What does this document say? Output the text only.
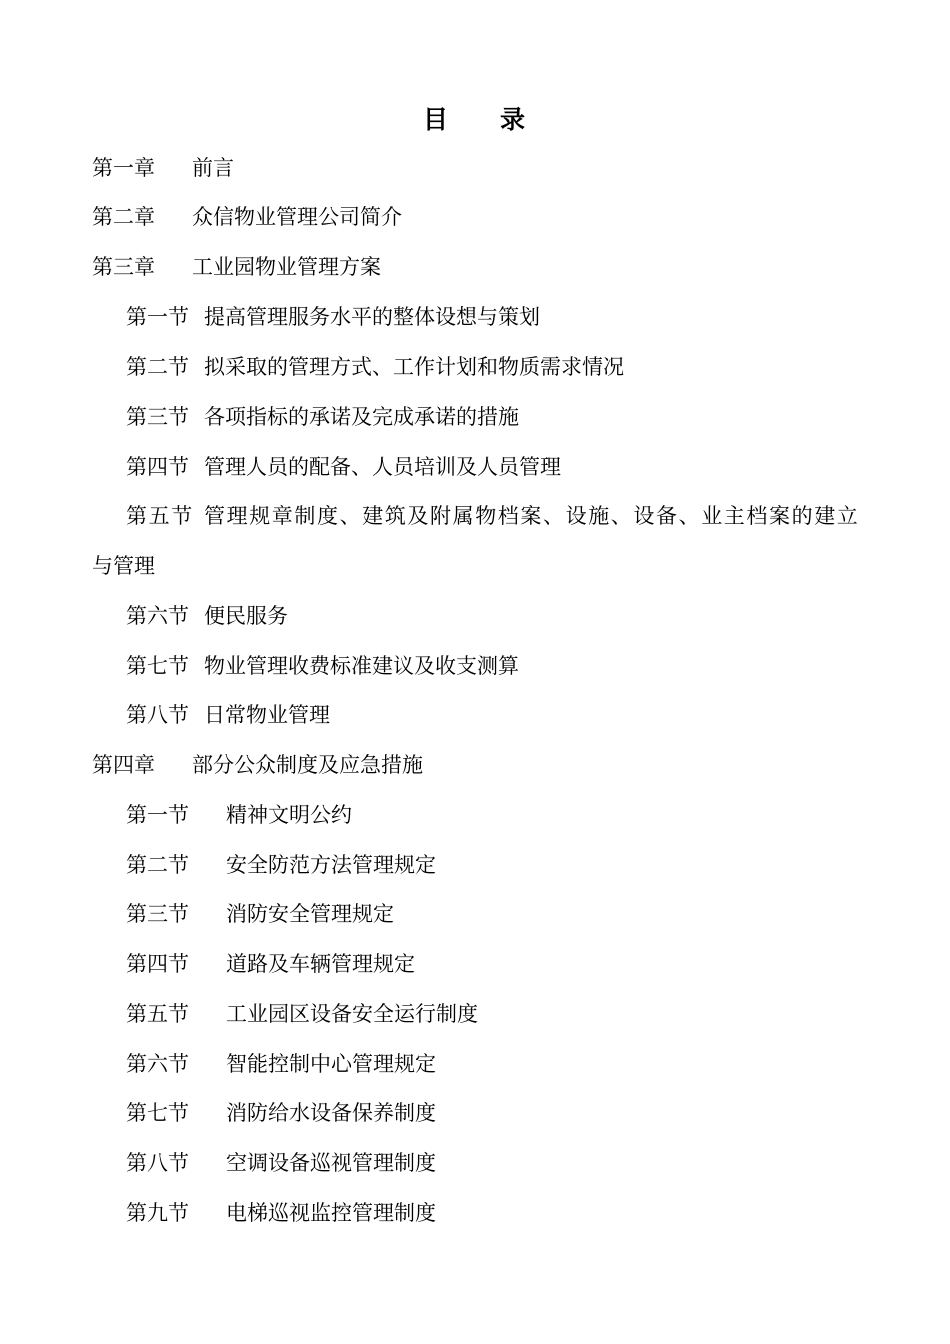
目 录
第一章 前言
第二章 众信物业管理公司简介
第三章 工业园物业管理方案
第一节 提高管理服务水平的整体设想与策划
第二节 拟采取的管理方式、工作计划和物质需求情况
第三节 各项指标的承诺及完成承诺的措施
第四节 管理人员的配备、人员培训及人员管理
第五节 管理规章制度、建筑及附属物档案、设施、设备、业主档案的建立
与管理
第六节 便民服务
第七节 物业管理收费标准建议及收支测算
第八节 日常物业管理
第四章 部分公众制度及应急措施
第一节 精神文明公约
第二节 安全防范方法管理规定
第三节 消防安全管理规定
第四节 道路及车辆管理规定
第五节 工业园区设备安全运行制度
第六节 智能控制中心管理规定
第七节 消防给水设备保养制度
第八节 空调设备巡视管理制度
第九节 电梯巡视监控管理制度
